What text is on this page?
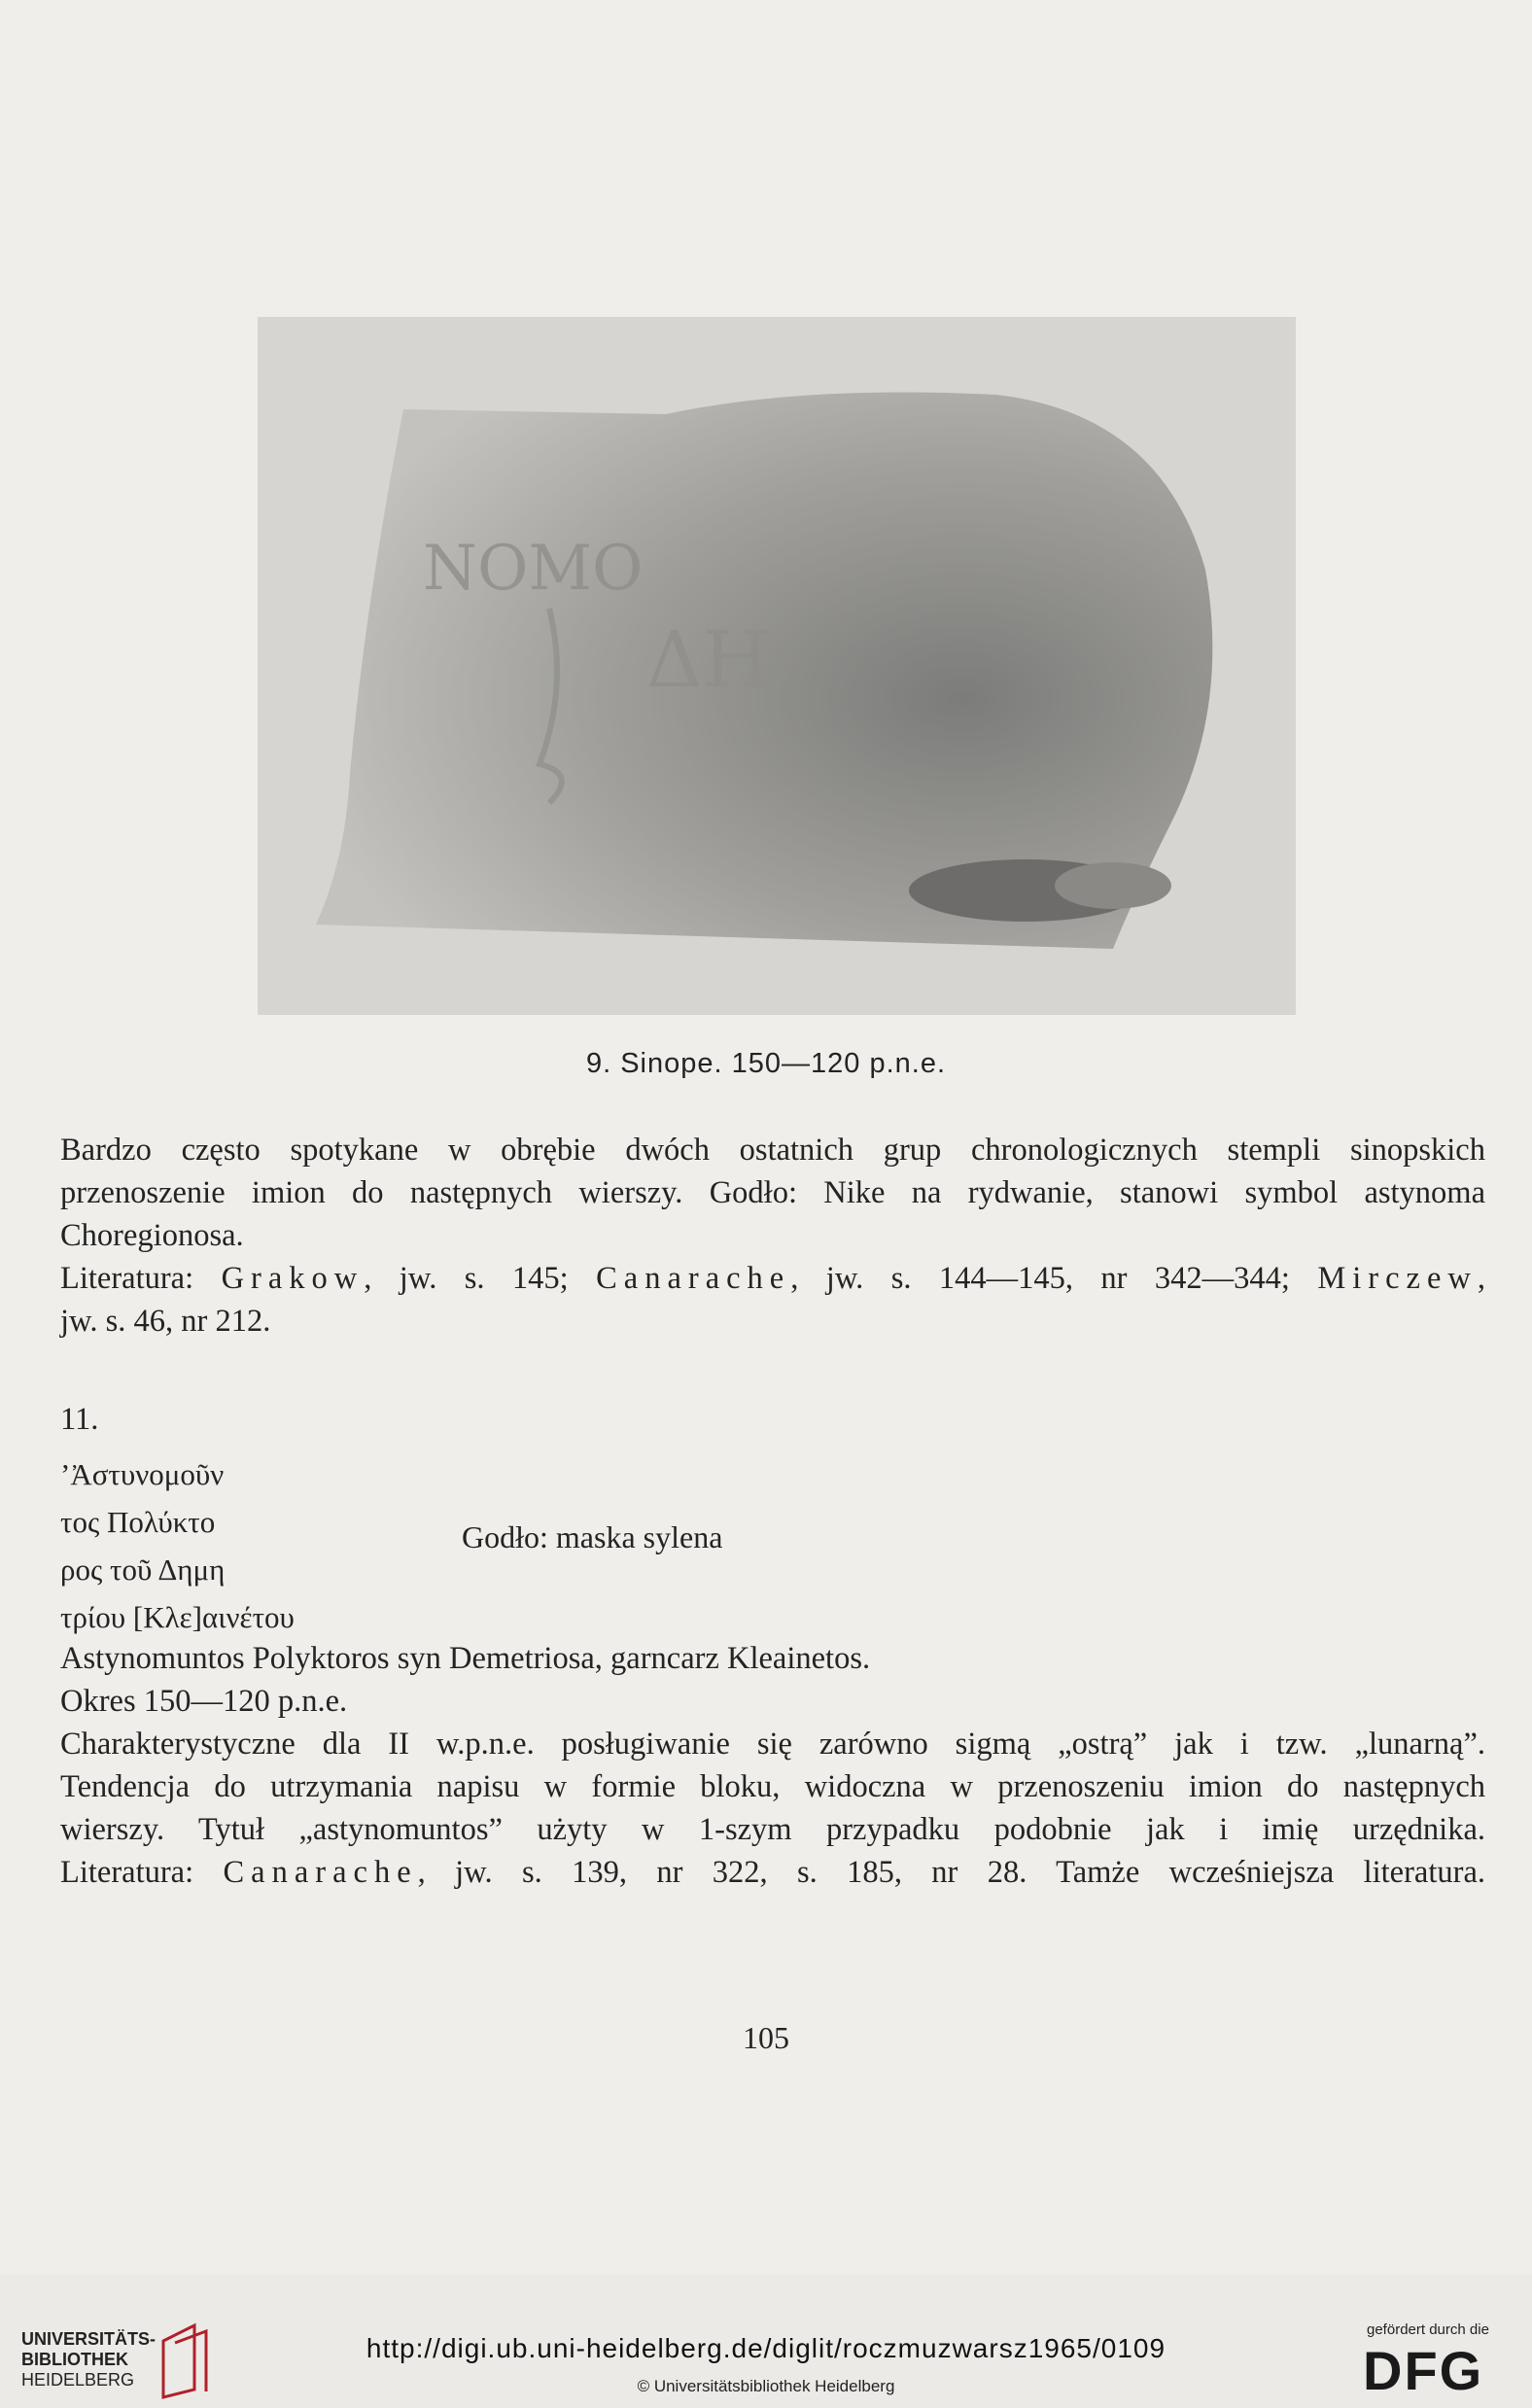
ΝΟΜΟ
ΔΗ
9. Sinope. 150—120 p.n.e.

Bardzo często spotykane w obrębie dwóch ostatnich grup chronologicznych stempli sinopskich

przenoszenie imion do następnych wierszy. Godło: Nike na rydwanie, stanowi symbol astynoma

Choregionosa.

Literatura: Grakow, jw. s. 145; Canarache, jw. s. 144—145, nr 342—344; Mirczew,

jw. s. 46, nr 212.

11.
’Ἀστυνομοῦν
τος Πολύκτο
ρος τοῦ Δημη
τρίου [Κλε]αινέτου
Godło: maska sylena

Astynomuntos Polyktoros syn Demetriosa, garncarz Kleainetos.

Okres 150—120 p.n.e.

Charakterystyczne dla II w.p.n.e. posługiwanie się zarówno sigmą „ostrą” jak i tzw. „lunarną”.

Tendencja do utrzymania napisu w formie bloku, widoczna w przenoszeniu imion do następnych

wierszy. Tytuł „astynomuntos” użyty w 1-szym przypadku podobnie jak i imię urzędnika.

Literatura: Canarache, jw. s. 139, nr 322, s. 185, nr 28. Tamże wcześniejsza literatura.

105
UNIVERSITÄTS-
BIBLIOTHEK
HEIDELBERG
http://digi.ub.uni-heidelberg.de/diglit/roczmuzwarsz1965/0109
© Universitätsbibliothek Heidelberg
gefördert durch die
DFG
